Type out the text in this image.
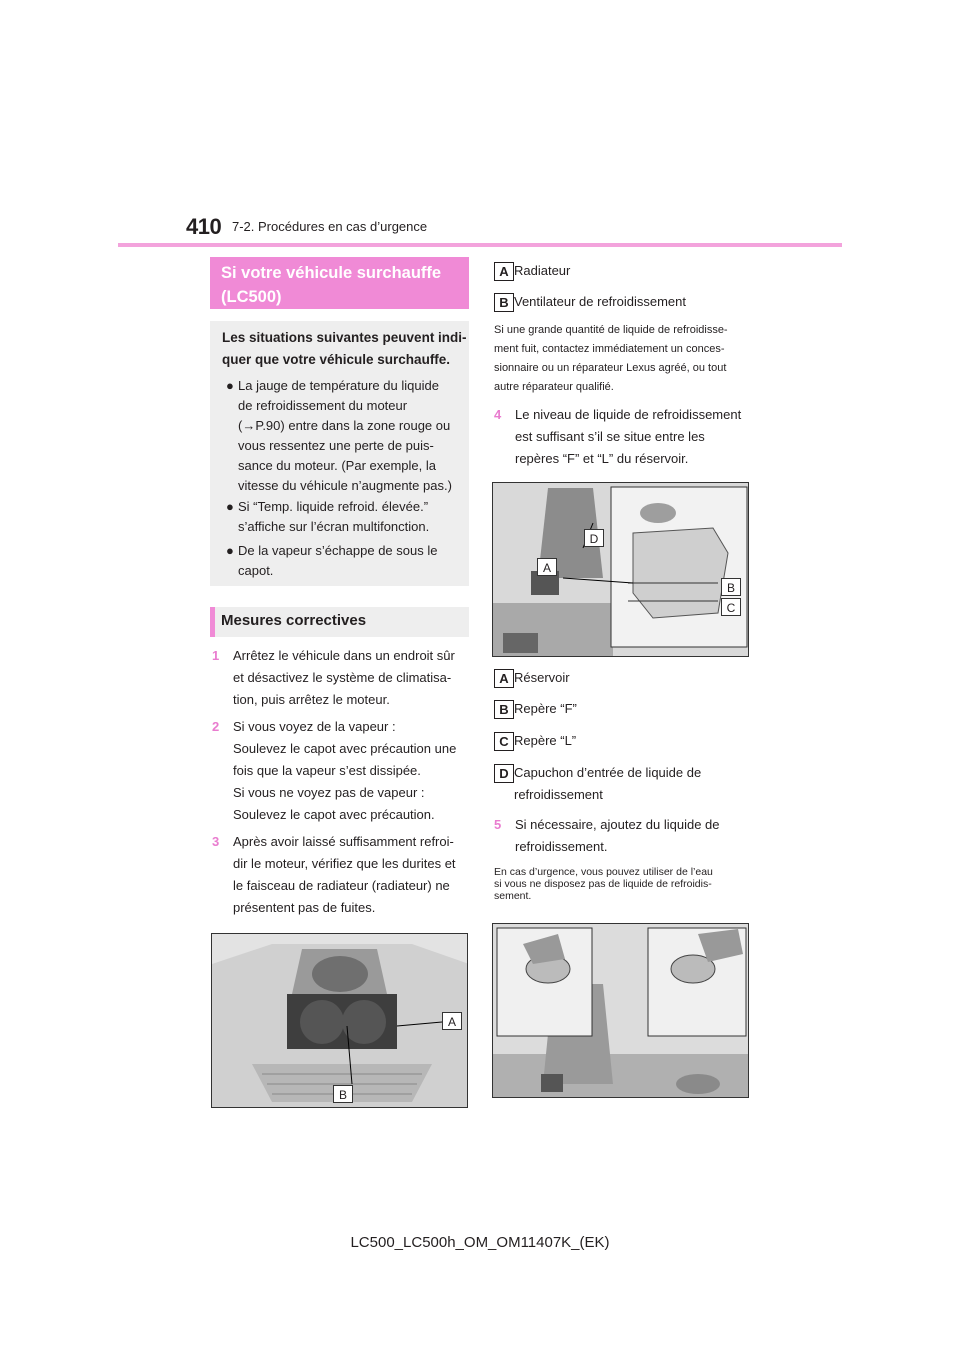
410 7-2. Procédures en cas d’urgence
Si votre véhicule surchauffe
(LC500)
Les situations suivantes peuvent indi-
quer que votre véhicule surchauffe.
● La jauge de température du liquide
de refroidissement du moteur
(→P.90) entre dans la zone rouge ou
vous ressentez une perte de puis-
sance du moteur. (Par exemple, la
vitesse du véhicule n’augmente pas.)
● Si “Temp. liquide refroid. élevée.”
s’affiche sur l’écran multifonction.
● De la vapeur s’échappe de sous le
capot.
Mesures correctives
1 Arrêtez le véhicule dans un endroit sûr
et désactivez le système de climatisa-
tion, puis arrêtez le moteur.
2 Si vous voyez de la vapeur :
Soulevez le capot avec précaution une
fois que la vapeur s’est dissipée.
Si vous ne voyez pas de vapeur :
Soulevez le capot avec précaution.
3 Après avoir laissé suffisamment refroi-
dir le moteur, vérifiez que les durites et
le faisceau de radiateur (radiateur) ne
présentent pas de fuites.
A
B
A Radiateur
B Ventilateur de refroidissement
Si une grande quantité de liquide de refroidisse-
ment fuit, contactez immédiatement un conces-
sionnaire ou un réparateur Lexus agréé, ou tout
autre réparateur qualifié.
4 Le niveau de liquide de refroidissement
est suffisant s’il se situe entre les
repères “F” et “L” du réservoir.
A
B
C
D
A Réservoir
B Repère “F”
C Repère “L”
D Capuchon d’entrée de liquide de
refroidissement
5 Si nécessaire, ajoutez du liquide de
refroidissement.
En cas d’urgence, vous pouvez utiliser de l’eau
si vous ne disposez pas de liquide de refroidis-
sement.
LC500_LC500h_OM_OM11407K_(EK)
